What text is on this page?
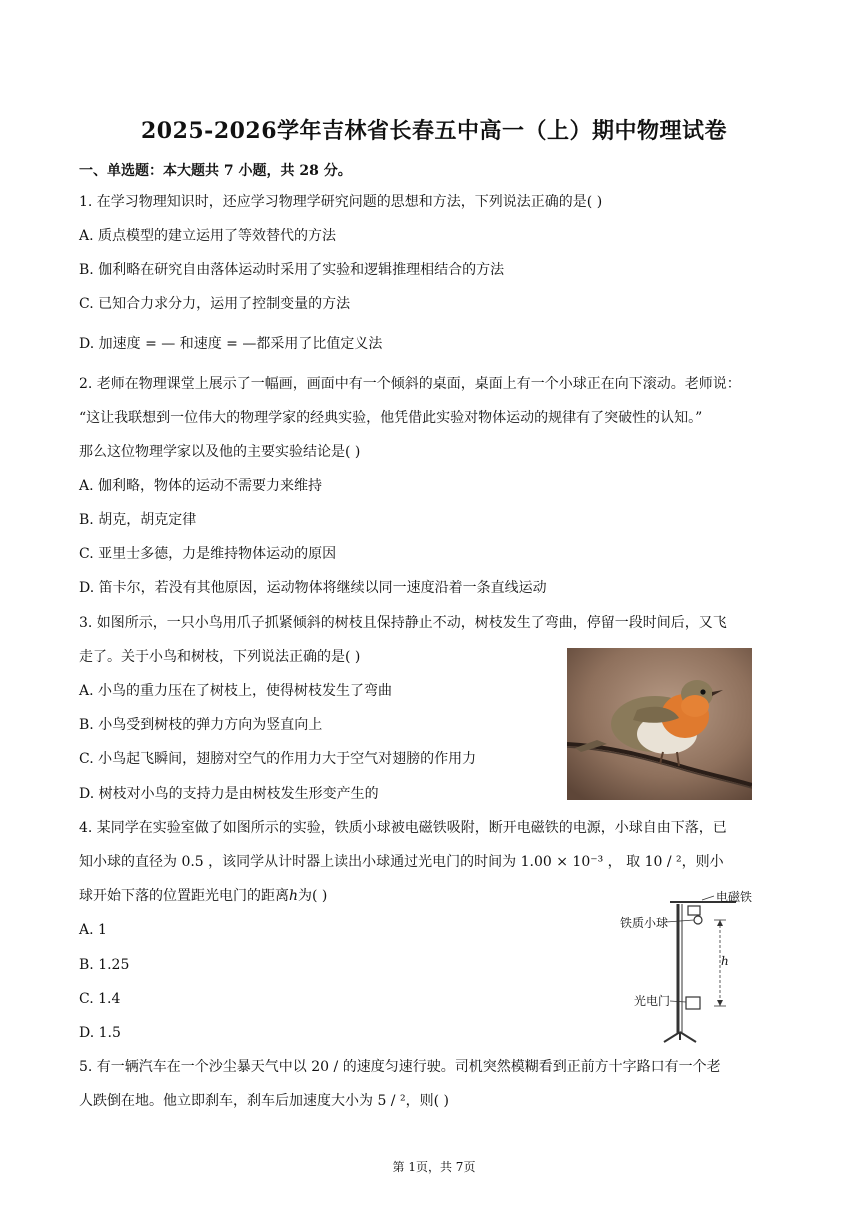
2025-2026学年吉林省长春五中高一（上）期中物理试卷
一、单选题：本大题共 7 小题，共 28 分。
1. 在学习物理知识时，还应学习物理学研究问题的思想和方法，下列说法正确的是( )
A. 质点模型的建立运用了等效替代的方法
B. 伽利略在研究自由落体运动时采用了实验和逻辑推理相结合的方法
C. 已知合力求分力，运用了控制变量的方法
D. 加速度 = — 和速度 = —都采用了比值定义法
2. 老师在物理课堂上展示了一幅画，画面中有一个倾斜的桌面，桌面上有一个小球正在向下滚动。老师说：
“这让我联想到一位伟大的物理学家的经典实验，他凭借此实验对物体运动的规律有了突破性的认知。”
那么这位物理学家以及他的主要实验结论是( )
A. 伽利略，物体的运动不需要力来维持
B. 胡克，胡克定律
C. 亚里士多德，力是维持物体运动的原因
D. 笛卡尔，若没有其他原因，运动物体将继续以同一速度沿着一条直线运动
3. 如图所示，一只小鸟用爪子抓紧倾斜的树枝且保持静止不动，树枝发生了弯曲，停留一段时间后，又飞
走了。关于小鸟和树枝，下列说法正确的是( )
A. 小鸟的重力压在了树枝上，使得树枝发生了弯曲
B. 小鸟受到树枝的弹力方向为竖直向上
C. 小鸟起飞瞬间，翅膀对空气的作用力大于空气对翅膀的作用力
D. 树枝对小鸟的支持力是由树枝发生形变产生的
4. 某同学在实验室做了如图所示的实验，铁质小球被电磁铁吸附，断开电磁铁的电源，小球自由下落，已
知小球的直径为 0.5 ，该同学从计时器上读出小球通过光电门的时间为 1.00 × 10⁻³ ， 取 10 / ²，则小
球开始下落的位置距光电门的距离ℎ为( )
A. 1
B. 1.25
C. 1.4
D. 1.5
5. 有一辆汽车在一个沙尘暴天气中以 20 / 的速度匀速行驶。司机突然模糊看到正前方十字路口有一个老
人跌倒在地。他立即刹车，刹车后加速度大小为 5 / ²，则( )
电磁铁
铁质小球
ℎ
光电门
第 1页，共 7页
